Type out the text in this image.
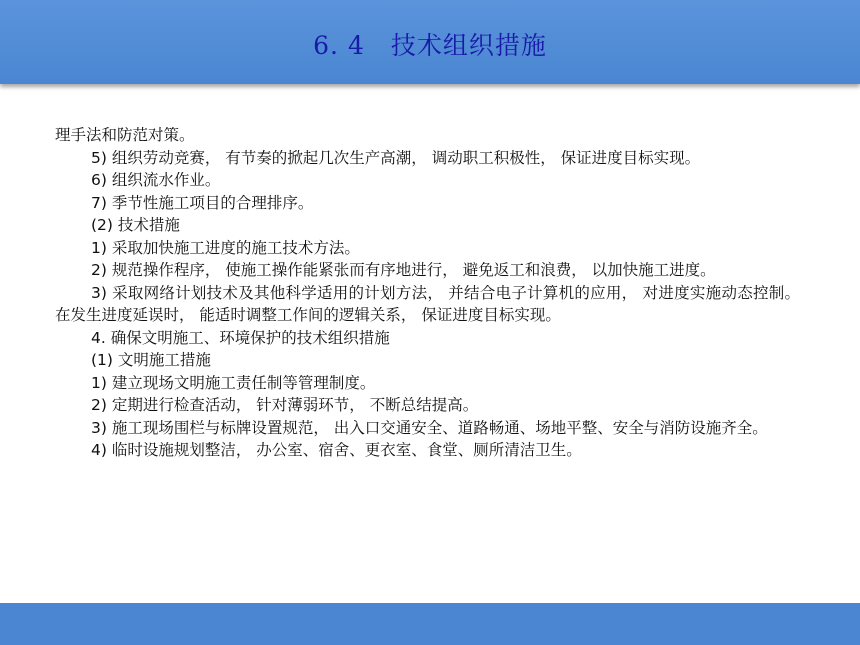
6. 4　技术组织措施

理手法和防范对策。

5) 组织劳动竞赛， 有节奏的掀起几次生产高潮， 调动职工积极性， 保证进度目标实现。

6) 组织流水作业。

7) 季节性施工项目的合理排序。

(2) 技术措施

1) 采取加快施工进度的施工技术方法。

2) 规范操作程序， 使施工操作能紧张而有序地进行， 避免返工和浪费， 以加快施工进度。

3) 采取网络计划技术及其他科学适用的计划方法， 并结合电子计算机的应用， 对进度实施动态控制。在发生进度延误时， 能适时调整工作间的逻辑关系， 保证进度目标实现。

4. 确保文明施工、环境保护的技术组织措施

(1) 文明施工措施

1) 建立现场文明施工责任制等管理制度。

2) 定期进行检查活动， 针对薄弱环节， 不断总结提高。

3) 施工现场围栏与标牌设置规范， 出入口交通安全、道路畅通、场地平整、安全与消防设施齐全。

4) 临时设施规划整洁， 办公室、宿舍、更衣室、食堂、厕所清洁卫生。
